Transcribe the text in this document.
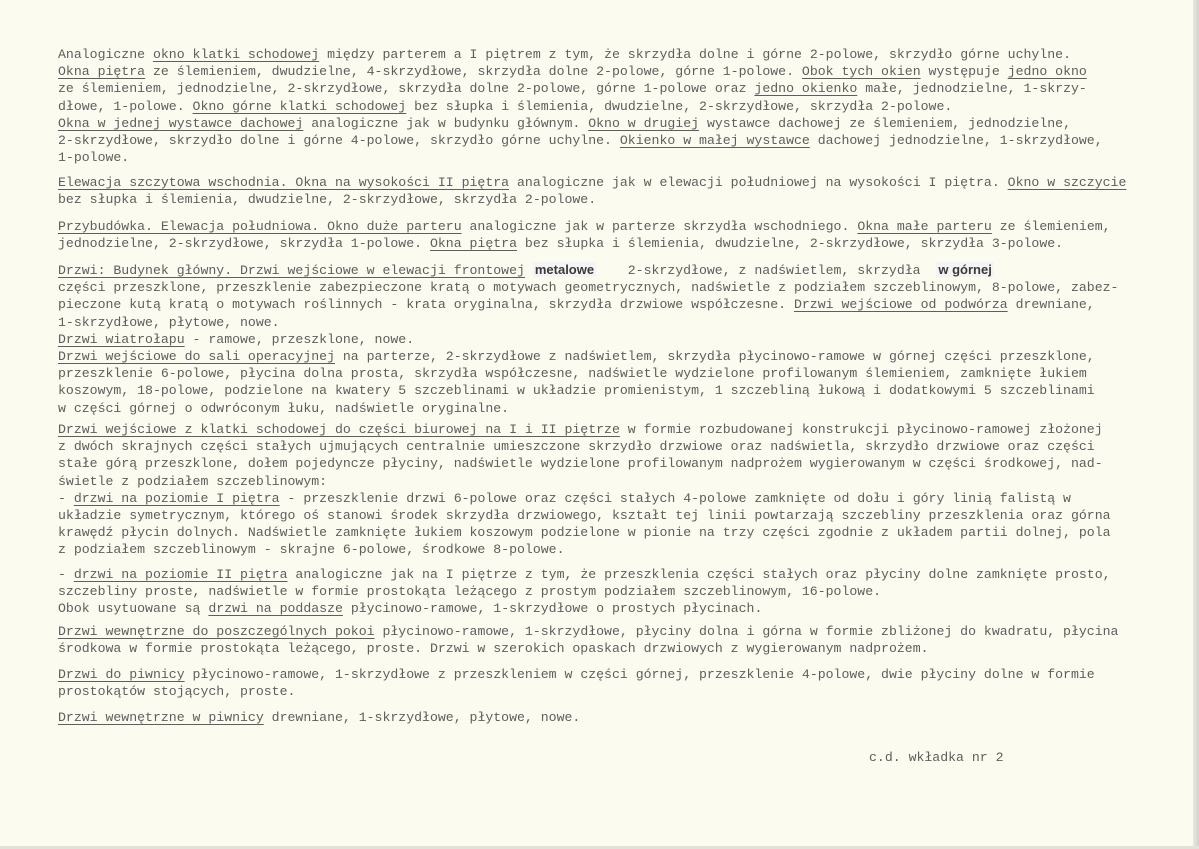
Analogiczne okno klatki schodowej między parterem a I piętrem z tym, że skrzydła dolne i górne 2-polowe, skrzydło górne uchylne.
Okna piętra ze ślemieniem, dwudzielne, 4-skrzydłowe, skrzydła dolne 2-polowe, górne 1-polowe. Obok tych okien występuje jedno okno
ze ślemieniem, jednodzielne, 2-skrzydłowe, skrzydła dolne 2-polowe, górne 1-polowe oraz jedno okienko małe, jednodzielne, 1-skrzy-
dłowe, 1-polowe. Okno górne klatki schodowej bez słupka i ślemienia, dwudzielne, 2-skrzydłowe, skrzydła 2-polowe.
Okna w jednej wystawce dachowej analogiczne jak w budynku głównym. Okno w drugiej wystawce dachowej ze ślemieniem, jednodzielne,
2-skrzydłowe, skrzydło dolne i górne 4-polowe, skrzydło górne uchylne. Okienko w małej wystawce dachowej jednodzielne, 1-skrzydłowe,
1-polowe.
Elewacja szczytowa wschodnia. Okna na wysokości II piętra analogiczne jak w elewacji południowej na wysokości I piętra. Okno w szczycie
bez słupka i ślemienia, dwudzielne, 2-skrzydłowe, skrzydła 2-polowe.
Przybudówka. Elewacja południowa. Okno duże parteru analogiczne jak w parterze skrzydła wschodniego. Okna małe parteru ze ślemieniem,
jednodzielne, 2-skrzydłowe, skrzydła 1-polowe. Okna piętra bez słupka i ślemienia, dwudzielne, 2-skrzydłowe, skrzydła 3-polowe.
Drzwi: Budynek główny. Drzwi wejściowe w elewacji frontowej metalowe    2-skrzydłowe, z nadświetlem, skrzydła  w górnej
części przeszklone, przeszklenie zabezpieczone kratą o motywach geometrycznych, nadświetle z podziałem szczeblinowym, 8-polowe, zabez-
pieczone kutą kratą o motywach roślinnych - krata oryginalna, skrzydła drzwiowe współczesne. Drzwi wejściowe od podwórza drewniane,
1-skrzydłowe, płytowe, nowe.
Drzwi wiatrołapu - ramowe, przeszklone, nowe.
Drzwi wejściowe do sali operacyjnej na parterze, 2-skrzydłowe z nadświetlem, skrzydła płycinowo-ramowe w górnej części przeszklone,
przeszklenie 6-polowe, płycina dolna prosta, skrzydła współczesne, nadświetle wydzielone profilowanym ślemieniem, zamknięte łukiem
koszowym, 18-polowe, podzielone na kwatery 5 szczeblinami w układzie promienistym, 1 szczebliną łukową i dodatkowymi 5 szczeblinami
w części górnej o odwróconym łuku, nadświetle oryginalne.
Drzwi wejściowe z klatki schodowej do części biurowej na I i II piętrze w formie rozbudowanej konstrukcji płycinowo-ramowej złożonej
z dwóch skrajnych części stałych ujmujących centralnie umieszczone skrzydło drzwiowe oraz nadświetla, skrzydło drzwiowe oraz części
stałe górą przeszklone, dołem pojedyncze płyciny, nadświetle wydzielone profilowanym nadprożem wygierowanym w części środkowej, nad-
świetle z podziałem szczeblinowym:
- drzwi na poziomie I piętra - przeszklenie drzwi 6-polowe oraz części stałych 4-polowe zamknięte od dołu i góry linią falistą w
układzie symetrycznym, którego oś stanowi środek skrzydła drzwiowego, kształt tej linii powtarzają szczebliny przeszklenia oraz górna
krawędź płycin dolnych. Nadświetle zamknięte łukiem koszowym podzielone w pionie na trzy części zgodnie z układem partii dolnej, pola
z podziałem szczeblinowym - skrajne 6-polowe, środkowe 8-polowe.
- drzwi na poziomie II piętra analogiczne jak na I piętrze z tym, że przeszklenia części stałych oraz płyciny dolne zamknięte prosto,
szczebliny proste, nadświetle w formie prostokąta leżącego z prostym podziałem szczeblinowym, 16-polowe.
Obok usytuowane są drzwi na poddasze płycinowo-ramowe, 1-skrzydłowe o prostych płycinach.
Drzwi wewnętrzne do poszczególnych pokoi płycinowo-ramowe, 1-skrzydłowe, płyciny dolna i górna w formie zbliżonej do kwadratu, płycina
środkowa w formie prostokąta leżącego, proste. Drzwi w szerokich opaskach drzwiowych z wygierowanym nadprożem.
Drzwi do piwnicy płycinowo-ramowe, 1-skrzydłowe z przeszkleniem w części górnej, przeszklenie 4-polowe, dwie płyciny dolne w formie
prostokątów stojących, proste.
Drzwi wewnętrzne w piwnicy drewniane, 1-skrzydłowe, płytowe, nowe.
c.d. wkładka nr 2
